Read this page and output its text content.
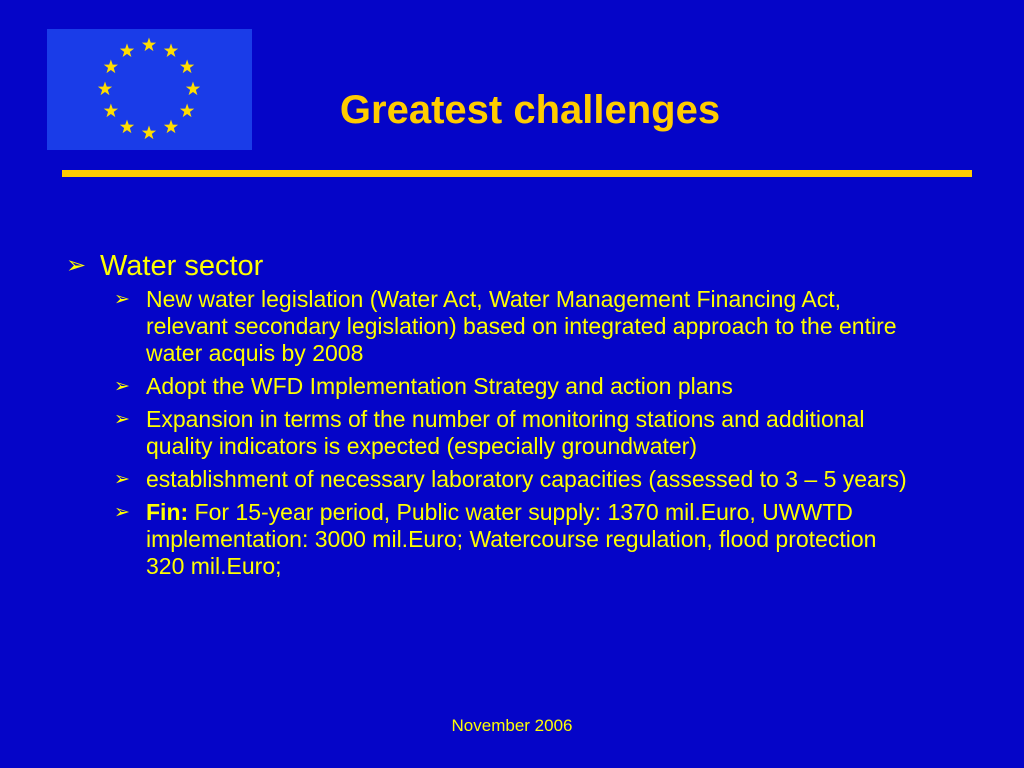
Greatest challenges
➢ Water sector
➢ New water legislation (Water Act, Water Management Financing Act, relevant secondary legislation) based on integrated approach to the entire water acquis by 2008
➢ Adopt the WFD Implementation Strategy and action plans
➢ Expansion in terms of the number of monitoring stations and additional quality indicators is expected (especially groundwater)
➢ establishment of necessary laboratory capacities (assessed to 3 – 5 years)
➢ Fin: For 15-year period, Public water supply: 1370 mil.Euro, UWWTD implementation: 3000 mil.Euro; Watercourse regulation, flood protection 320 mil.Euro;
November 2006
